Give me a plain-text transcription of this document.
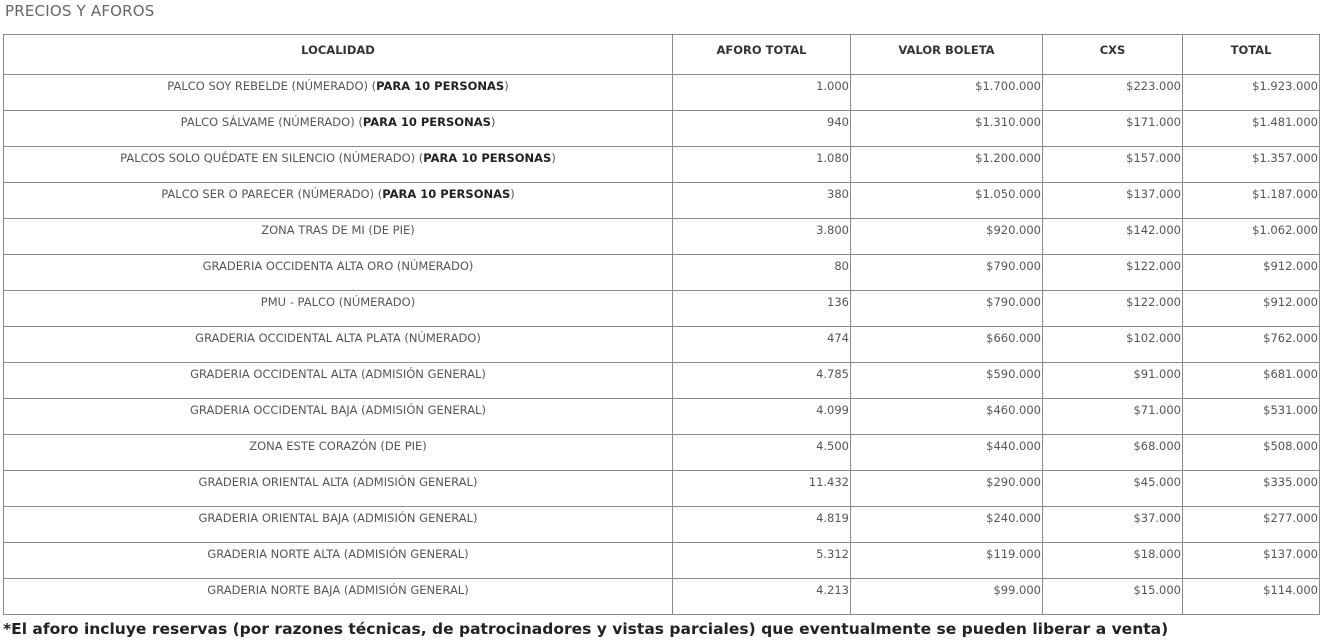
PRECIOS Y AFOROS
LOCALIDAD	AFORO TOTAL	VALOR BOLETA	CXS	TOTAL
PALCO SOY REBELDE (NÚMERADO) (PARA 10 PERSONAS)	1.000	$1.700.000	$223.000	$1.923.000
PALCO SÁLVAME (NÚMERADO) (PARA 10 PERSONAS)	940	$1.310.000	$171.000	$1.481.000
PALCOS SOLO QUÉDATE EN SILENCIO (NÚMERADO) (PARA 10 PERSONAS)	1.080	$1.200.000	$157.000	$1.357.000
PALCO SER O PARECER (NÚMERADO) (PARA 10 PERSONAS)	380	$1.050.000	$137.000	$1.187.000
ZONA TRAS DE MI (DE PIE)	3.800	$920.000	$142.000	$1.062.000
GRADERIA OCCIDENTA ALTA ORO (NÚMERADO)	80	$790.000	$122.000	$912.000
PMU - PALCO (NÚMERADO)	136	$790.000	$122.000	$912.000
GRADERIA OCCIDENTAL ALTA PLATA (NÚMERADO)	474	$660.000	$102.000	$762.000
GRADERIA OCCIDENTAL ALTA (ADMISIÓN GENERAL)	4.785	$590.000	$91.000	$681.000
GRADERIA OCCIDENTAL BAJA (ADMISIÓN GENERAL)	4.099	$460.000	$71.000	$531.000
ZONA ESTE CORAZÓN (DE PIE)	4.500	$440.000	$68.000	$508.000
GRADERIA ORIENTAL ALTA (ADMISIÓN GENERAL)	11.432	$290.000	$45.000	$335.000
GRADERIA ORIENTAL BAJA (ADMISIÓN GENERAL)	4.819	$240.000	$37.000	$277.000
GRADERIA NORTE ALTA (ADMISIÓN GENERAL)	5.312	$119.000	$18.000	$137.000
GRADERIA NORTE BAJA (ADMISIÓN GENERAL)	4.213	$99.000	$15.000	$114.000
*El aforo incluye reservas (por razones técnicas, de patrocinadores y vistas parciales) que eventualmente se pueden liberar a venta)
